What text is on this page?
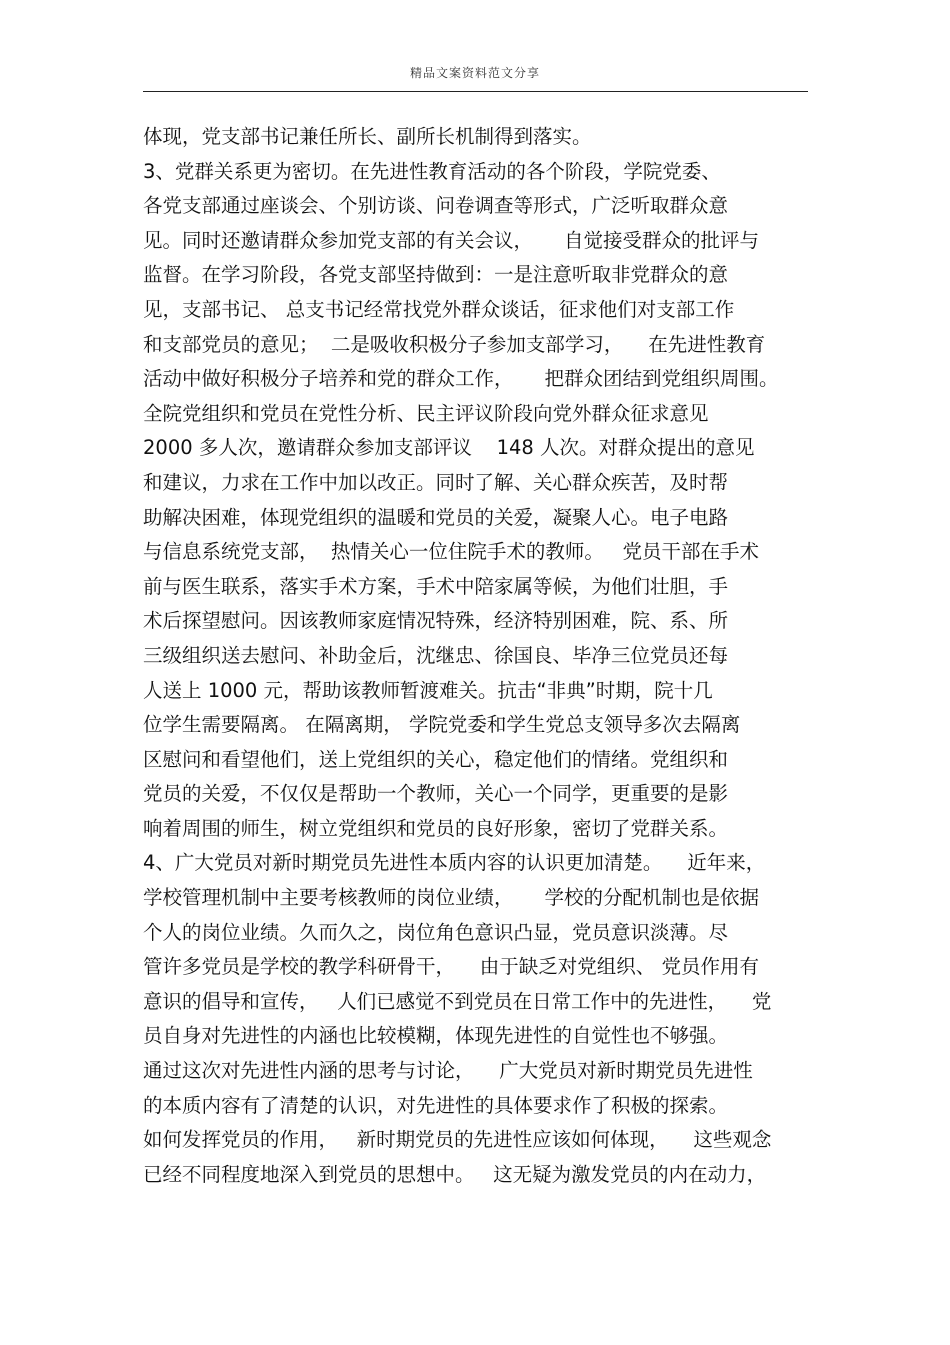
精品文案资料范文分享
体现，党支部书记兼任所长、副所长机制得到落实。
3、党群关系更为密切。在先进性教育活动的各个阶段，学院党委、
各党支部通过座谈会、个别访谈、问卷调查等形式，广泛听取群众意
见。同时还邀请群众参加党支部的有关会议，     自觉接受群众的批评与
监督。在学习阶段，各党支部坚持做到：一是注意听取非党群众的意
见，支部书记、 总支书记经常找党外群众谈话，征求他们对支部工作
和支部党员的意见；  二是吸收积极分子参加支部学习，    在先进性教育
活动中做好积极分子培养和党的群众工作，     把群众团结到党组织周围。
全院党组织和党员在党性分析、民主评议阶段向党外群众征求意见
2000 多人次，邀请群众参加支部评议    148 人次。对群众提出的意见
和建议，力求在工作中加以改正。同时了解、关心群众疾苦，及时帮
助解决困难，体现党组织的温暖和党员的关爱，凝聚人心。电子电路
与信息系统党支部，  热情关心一位住院手术的教师。   党员干部在手术
前与医生联系，落实手术方案，手术中陪家属等候，为他们壮胆，手
术后探望慰问。因该教师家庭情况特殊，经济特别困难，院、系、所
三级组织送去慰问、补助金后，沈继忠、徐国良、毕净三位党员还每
人送上 1000 元，帮助该教师暂渡难关。抗击“非典”时期，院十几
位学生需要隔离。 在隔离期， 学院党委和学生党总支领导多次去隔离
区慰问和看望他们，送上党组织的关心，稳定他们的情绪。党组织和
党员的关爱，不仅仅是帮助一个教师，关心一个同学，更重要的是影
响着周围的师生，树立党组织和党员的良好形象，密切了党群关系。
4、广大党员对新时期党员先进性本质内容的认识更加清楚。    近年来，
学校管理机制中主要考核教师的岗位业绩，     学校的分配机制也是依据
个人的岗位业绩。久而久之，岗位角色意识凸显，党员意识淡薄。尽
管许多党员是学校的教学科研骨干，    由于缺乏对党组织、 党员作用有
意识的倡导和宣传，   人们已感觉不到党员在日常工作中的先进性，    党
员自身对先进性的内涵也比较模糊，体现先进性的自觉性也不够强。
通过这次对先进性内涵的思考与讨论，    广大党员对新时期党员先进性
的本质内容有了清楚的认识，对先进性的具体要求作了积极的探索。
如何发挥党员的作用，   新时期党员的先进性应该如何体现，    这些观念
已经不同程度地深入到党员的思想中。   这无疑为激发党员的内在动力，
